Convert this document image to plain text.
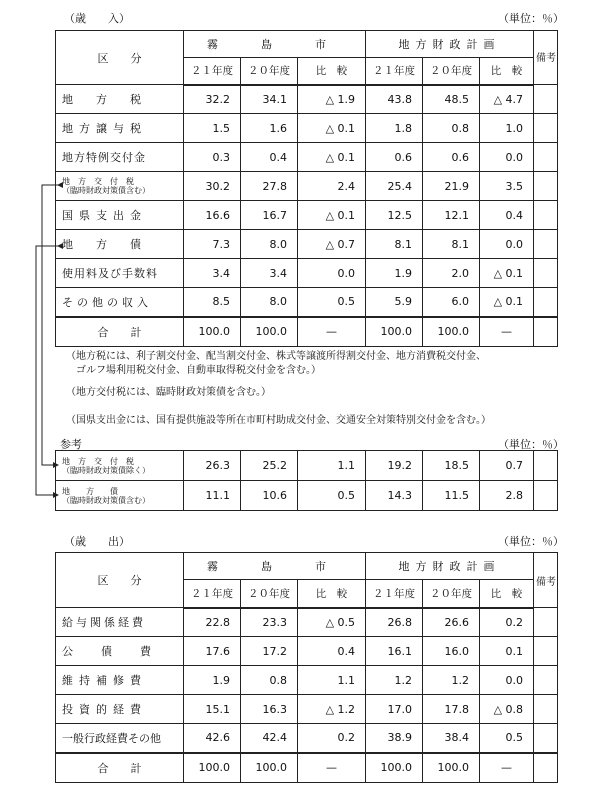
（歳　　入）	（単位：％）
区　　分	霧　島　市			地方財政計画			備考
	２１年度	２０年度	比　較	２１年度	２０年度	比　較	
地　方　税	32.2	34.1	△ 1.9	43.8	48.5	△ 4.7	
地方譲与税	1.5	1.6	△ 0.1	1.8	0.8	1.0	
地方特例交付金	0.3	0.4	△ 0.1	0.6	0.6	0.0	
地　方　交　付　税
（臨時財政対策債含む）	30.2	27.8	2.4	25.4	21.9	3.5	
国県支出金	16.6	16.7	△ 0.1	12.5	12.1	0.4	
地　方　債	7.3	8.0	△ 0.7	8.1	8.1	0.0	
使用料及び手数料	3.4	3.4	0.0	1.9	2.0	△ 0.1	
その他の収入	8.5	8.0	0.5	5.9	6.0	△ 0.1	
合　　計	100.0	100.0	—	100.0	100.0	—	
（地方税には、利子割交付金、配当割交付金、株式等譲渡所得割交付金、地方消費税交付金、
　ゴルフ場利用税交付金、自動車取得税交付金を含む。）
（地方交付税には、臨時財政対策債を含む。）
（国県支出金には、国有提供施設等所在市町村助成交付金、交通安全対策特別交付金を含む。）
参考	（単位：％）
地　方　交　付　税
（臨時財政対策債除く）	26.3	25.2	1.1	19.2	18.5	0.7	
地　　方　　債
（臨時財政対策債含む）	11.1	10.6	0.5	14.3	11.5	2.8	
（歳　　出）	（単位：％）
区　　分	霧　島　市			地方財政計画			備考
	２１年度	２０年度	比　較	２１年度	２０年度	比　較	
給与関係経費	22.8	23.3	△ 0.5	26.8	26.6	0.2	
公　　債　　費	17.6	17.2	0.4	16.1	16.0	0.1	
維持補修費	1.9	0.8	1.1	1.2	1.2	0.0	
投資的経費	15.1	16.3	△ 1.2	17.0	17.8	△ 0.8	
一般行政経費その他	42.6	42.4	0.2	38.9	38.4	0.5	
合　　計	100.0	100.0	—	100.0	100.0	—	
